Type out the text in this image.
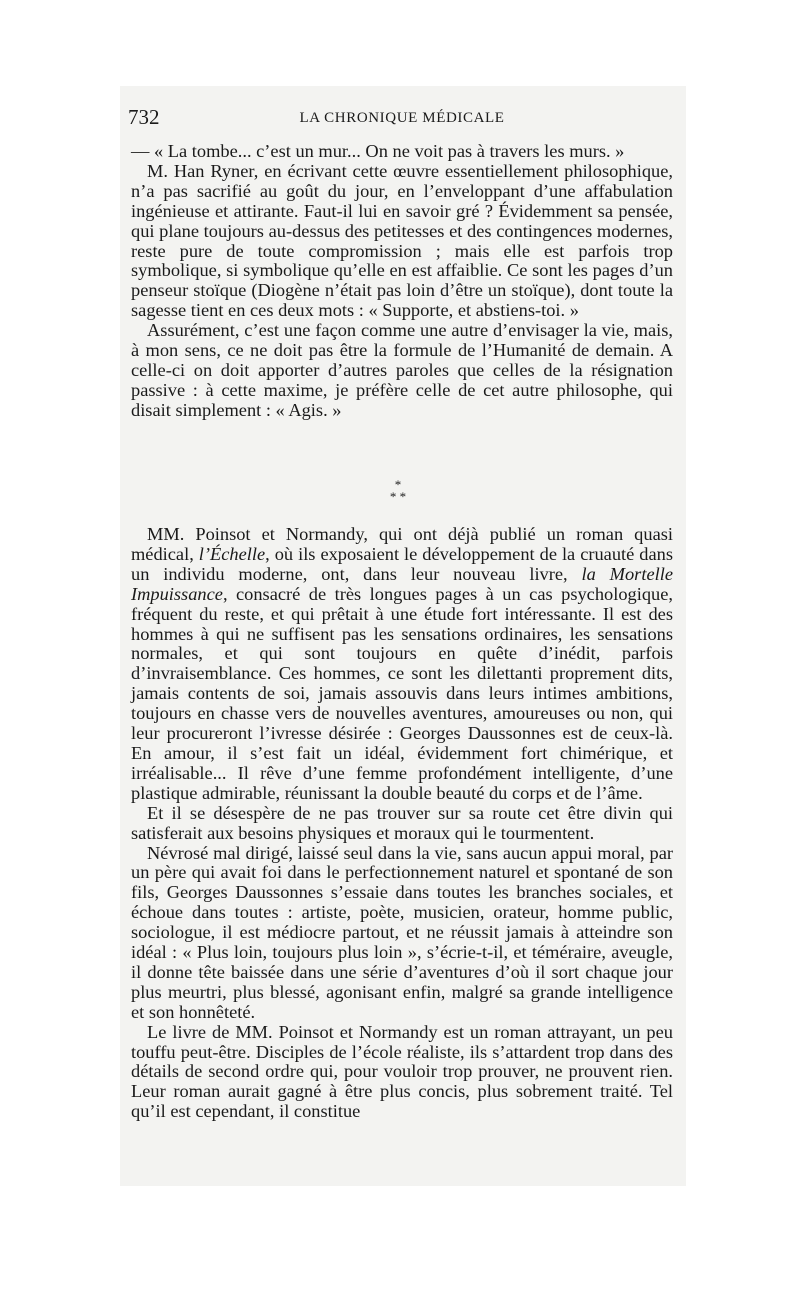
732	LA CHRONIQUE MÉDICALE

— « La tombe... c’est un mur... On ne voit pas à travers les murs. »

M. Han Ryner, en écrivant cette œuvre essentiellement philosophique, n’a pas sacrifié au goût du jour, en l’enveloppant d’une affabulation ingénieuse et attirante. Faut-il lui en savoir gré ? Évidemment sa pensée, qui plane toujours au-dessus des petitesses et des contingences modernes, reste pure de toute compromission ; mais elle est parfois trop symbolique, si symbolique qu’elle en est affaiblie. Ce sont les pages d’un penseur stoïque (Diogène n’était pas loin d’être un stoïque), dont toute la sagesse tient en ces deux mots : « Supporte, et abstiens-toi. »

Assurément, c’est une façon comme une autre d’envisager la vie, mais, à mon sens, ce ne doit pas être la formule de l’Humanité de demain. A celle-ci on doit apporter d’autres paroles que celles de la résignation passive : à cette maxime, je préfère celle de cet autre philosophe, qui disait simplement : « Agis. »

*
* *

MM. Poinsot et Normandy, qui ont déjà publié un roman quasi médical, l’Échelle, où ils exposaient le développement de la cruauté dans un individu moderne, ont, dans leur nouveau livre, la Mortelle Impuissance, consacré de très longues pages à un cas psychologique, fréquent du reste, et qui prêtait à une étude fort intéressante. Il est des hommes à qui ne suffisent pas les sensations ordinaires, les sensations normales, et qui sont toujours en quête d’inédit, parfois d’invraisemblance. Ces hommes, ce sont les dilettanti proprement dits, jamais contents de soi, jamais assouvis dans leurs intimes ambitions, toujours en chasse vers de nouvelles aventures, amoureuses ou non, qui leur procureront l’ivresse désirée : Georges Daussonnes est de ceux-là. En amour, il s’est fait un idéal, évidemment fort chimérique, et irréalisable... Il rêve d’une femme profondément intelligente, d’une plastique admirable, réunissant la double beauté du corps et de l’âme.

Et il se désespère de ne pas trouver sur sa route cet être divin qui satisferait aux besoins physiques et moraux qui le tourmentent.

Névrosé mal dirigé, laissé seul dans la vie, sans aucun appui moral, par un père qui avait foi dans le perfectionnement naturel et spontané de son fils, Georges Daussonnes s’essaie dans toutes les branches sociales, et échoue dans toutes : artiste, poète, musicien, orateur, homme public, sociologue, il est médiocre partout, et ne réussit jamais à atteindre son idéal : « Plus loin, toujours plus loin », s’écrie-t-il, et téméraire, aveugle, il donne tête baissée dans une série d’aventures d’où il sort chaque jour plus meurtri, plus blessé, agonisant enfin, malgré sa grande intelligence et son honnêteté.

Le livre de MM. Poinsot et Normandy est un roman attrayant, un peu touffu peut-être. Disciples de l’école réaliste, ils s’attardent trop dans des détails de second ordre qui, pour vouloir trop prouver, ne prouvent rien. Leur roman aurait gagné à être plus concis, plus sobrement traité. Tel qu’il est cependant, il constitue
